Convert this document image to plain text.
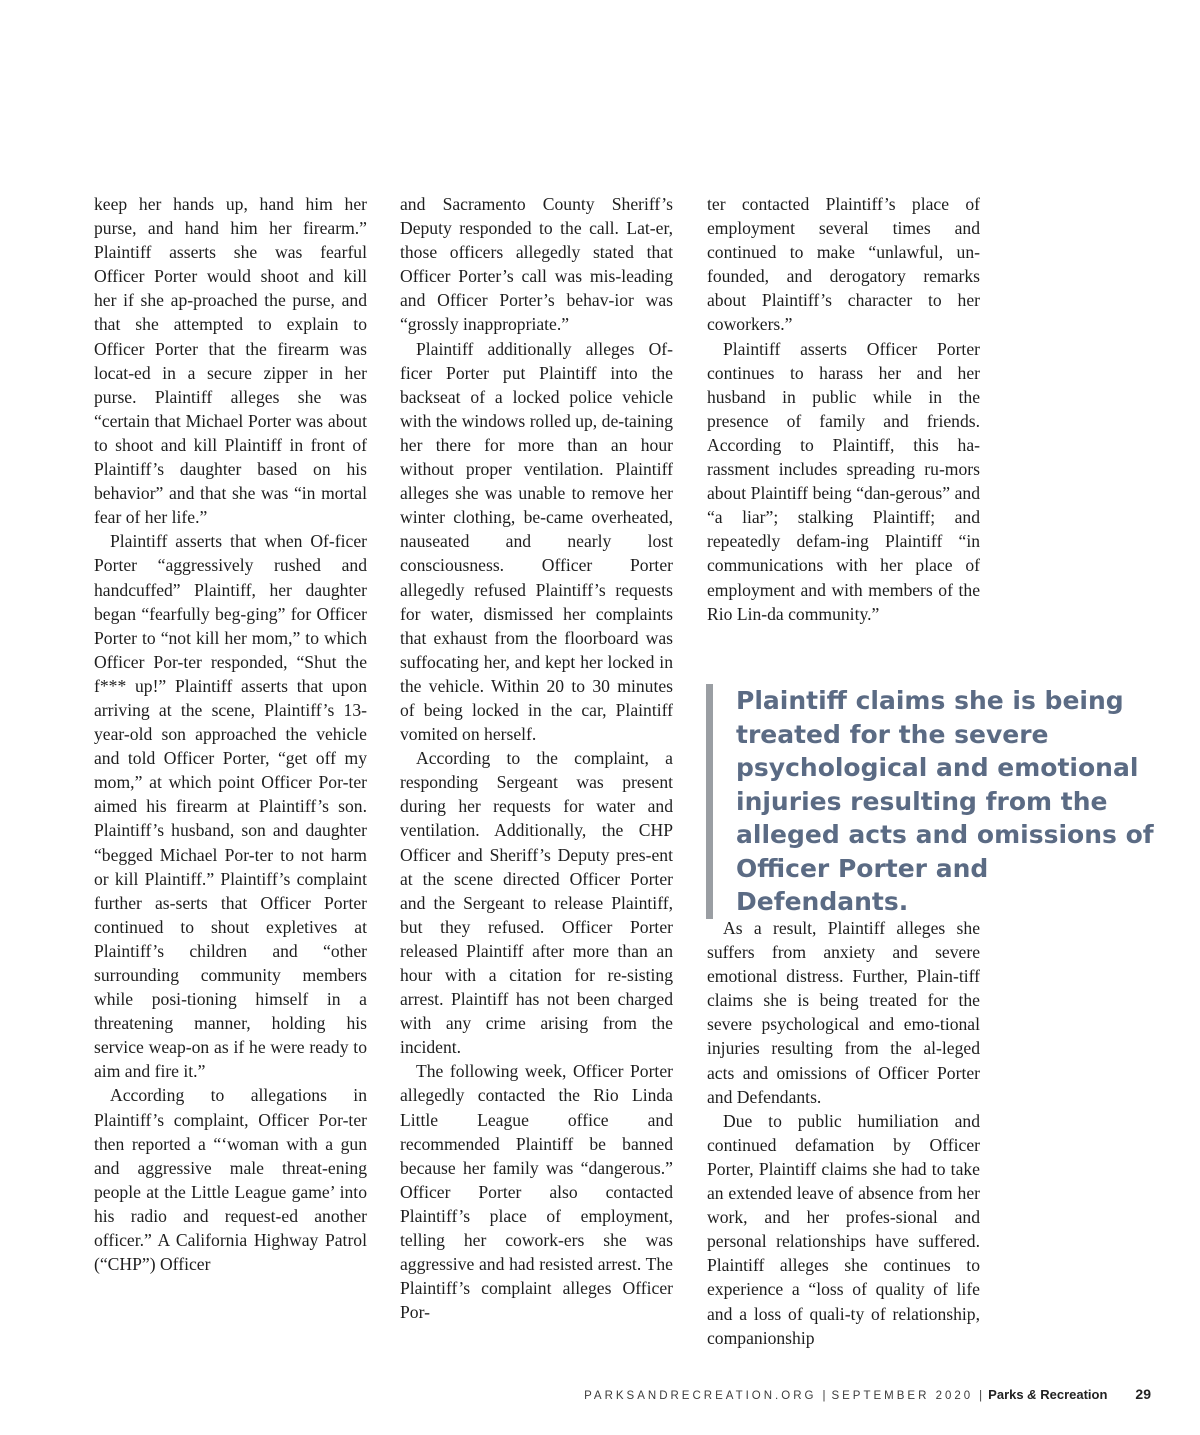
keep her hands up, hand him her purse, and hand him her firearm.” Plaintiff asserts she was fearful Officer Porter would shoot and kill her if she ap-proached the purse, and that she attempted to explain to Officer Porter that the firearm was locat-ed in a secure zipper in her purse. Plaintiff alleges she was “certain that Michael Porter was about to shoot and kill Plaintiff in front of Plaintiff’s daughter based on his behavior” and that she was “in mortal fear of her life.”

Plaintiff asserts that when Of-ficer Porter “aggressively rushed and handcuffed” Plaintiff, her daughter began “fearfully beg-ging” for Officer Porter to “not kill her mom,” to which Officer Por-ter responded, “Shut the f*** up!” Plaintiff asserts that upon arriving at the scene, Plaintiff’s 13-year-old son approached the vehicle and told Officer Porter, “get off my mom,” at which point Officer Por-ter aimed his firearm at Plaintiff’s son. Plaintiff’s husband, son and daughter “begged Michael Por-ter to not harm or kill Plaintiff.” Plaintiff’s complaint further as-serts that Officer Porter continued to shout expletives at Plaintiff’s children and “other surrounding community members while posi-tioning himself in a threatening manner, holding his service weap-on as if he were ready to aim and fire it.”

According to allegations in Plaintiff’s complaint, Officer Por-ter then reported a “‘woman with a gun and aggressive male threat-ening people at the Little League game’ into his radio and request-ed another officer.” A California Highway Patrol (“CHP”) Officer

and Sacramento County Sheriff’s Deputy responded to the call. Lat-er, those officers allegedly stated that Officer Porter’s call was mis-leading and Officer Porter’s behav-ior was “grossly inappropriate.”

Plaintiff additionally alleges Of-ficer Porter put Plaintiff into the backseat of a locked police vehicle with the windows rolled up, de-taining her there for more than an hour without proper ventilation. Plaintiff alleges she was unable to remove her winter clothing, be-came overheated, nauseated and nearly lost consciousness. Officer Porter allegedly refused Plaintiff’s requests for water, dismissed her complaints that exhaust from the floorboard was suffocating her, and kept her locked in the vehicle. Within 20 to 30 minutes of being locked in the car, Plaintiff vomited on herself.

According to the complaint, a responding Sergeant was present during her requests for water and ventilation. Additionally, the CHP Officer and Sheriff’s Deputy pres-ent at the scene directed Officer Porter and the Sergeant to release Plaintiff, but they refused. Officer Porter released Plaintiff after more than an hour with a citation for re-sisting arrest. Plaintiff has not been charged with any crime arising from the incident.

The following week, Officer Porter allegedly contacted the Rio Linda Little League office and recommended Plaintiff be banned because her family was “dangerous.” Officer Porter also contacted Plaintiff’s place of employment, telling her cowork-ers she was aggressive and had resisted arrest. The Plaintiff’s complaint alleges Officer Por-

ter contacted Plaintiff’s place of employment several times and continued to make “unlawful, un-founded, and derogatory remarks about Plaintiff’s character to her coworkers.”

Plaintiff asserts Officer Porter continues to harass her and her husband in public while in the presence of family and friends. According to Plaintiff, this ha-rassment includes spreading ru-mors about Plaintiff being “dan-gerous” and “a liar”; stalking Plaintiff; and repeatedly defam-ing Plaintiff “in communications with her place of employment and with members of the Rio Lin-da community.”

Plaintiff claims she is being treated for the severe psychological and emotional injuries resulting from the alleged acts and omissions of Officer Porter and Defendants.

As a result, Plaintiff alleges she suffers from anxiety and severe emotional distress. Further, Plain-tiff claims she is being treated for the severe psychological and emo-tional injuries resulting from the al-leged acts and omissions of Officer Porter and Defendants.

Due to public humiliation and continued defamation by Officer Porter, Plaintiff claims she had to take an extended leave of absence from her work, and her profes-sional and personal relationships have suffered. Plaintiff alleges she continues to experience a “loss of quality of life and a loss of quali-ty of relationship, companionship

PARKSANDRECREATION.ORG | SEPTEMBER 2020 | Parks & Recreation 29
